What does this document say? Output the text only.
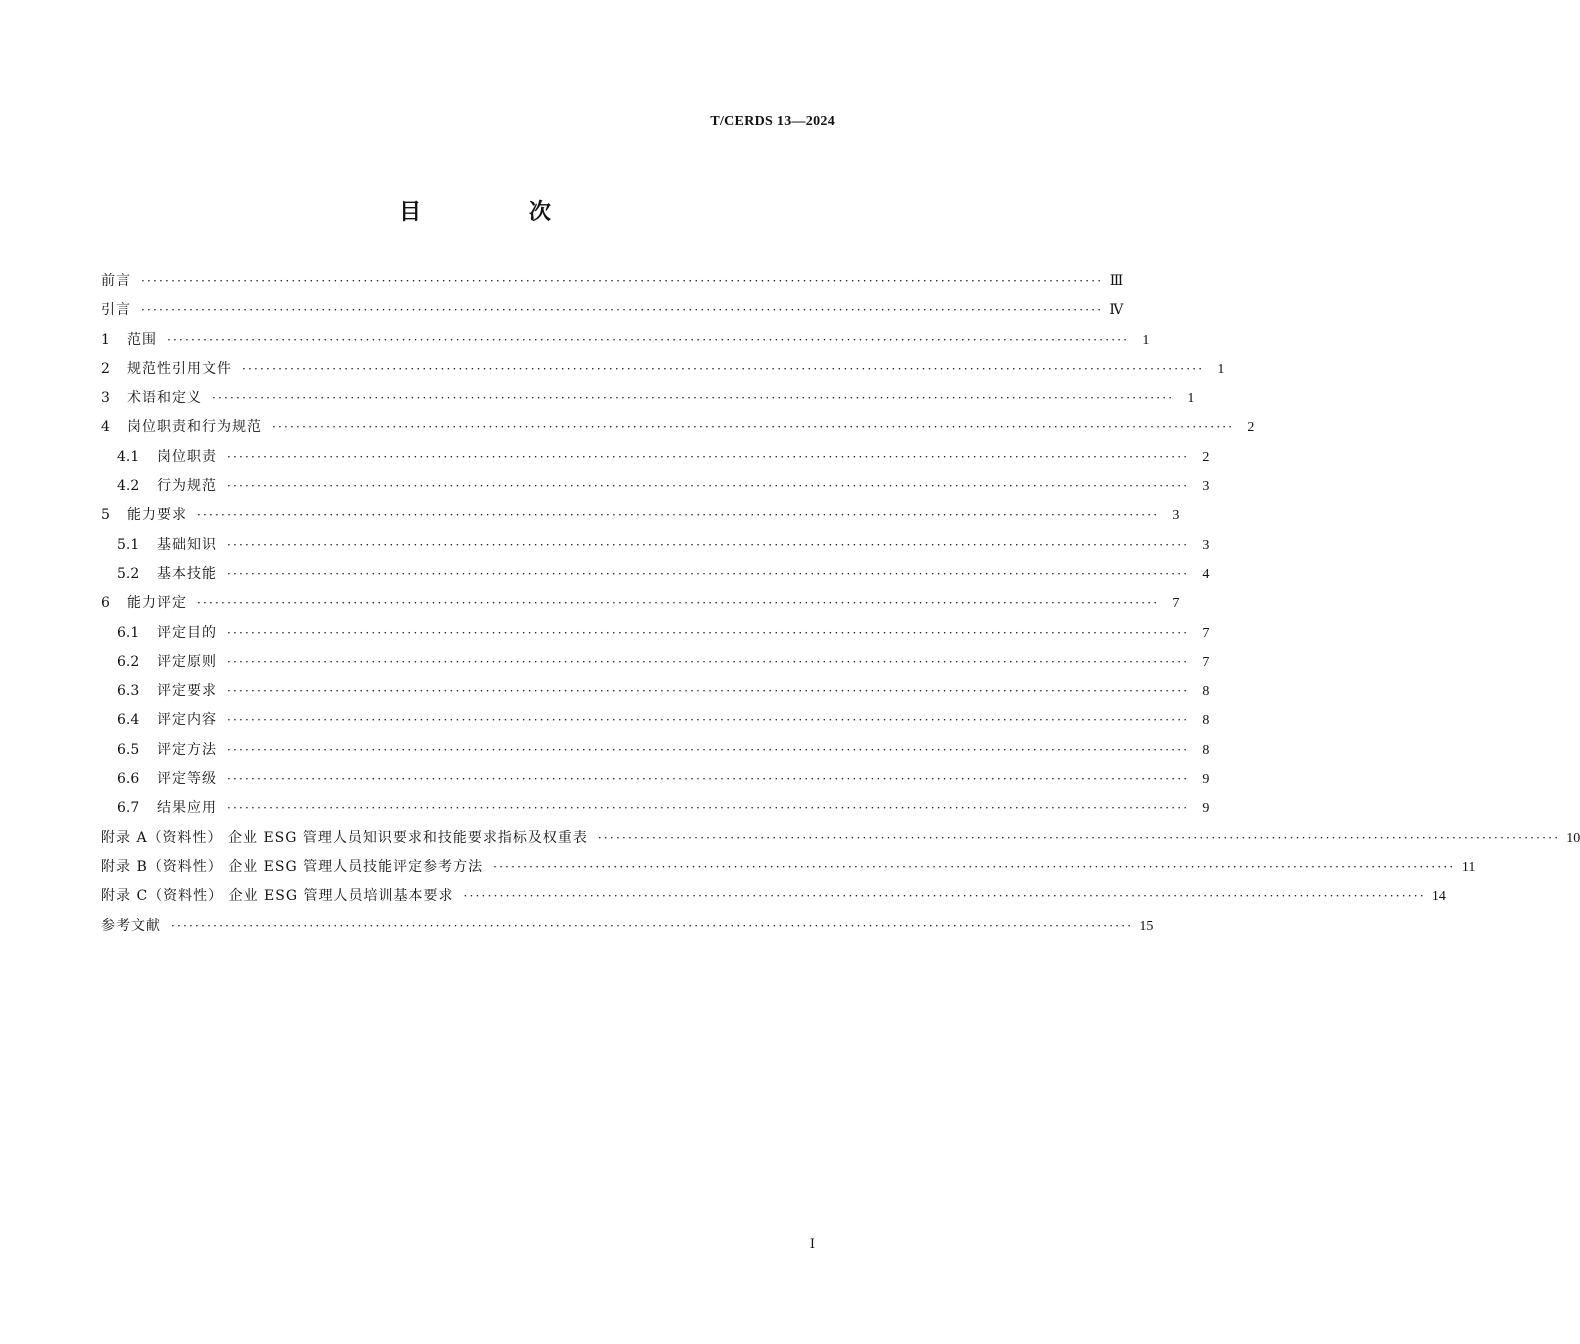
T/CERDS 13—2024
目 次
前言 ································································································································································ Ⅲ
引言 ································································································································································ Ⅳ
1	范围 ································································································································································ 1
2	规范性引用文件 ································································································································································ 1
3	术语和定义 ································································································································································ 1
4	岗位职责和行为规范 ································································································································································ 2
4.1	岗位职责 ································································································································································ 2
4.2	行为规范 ································································································································································ 3
5	能力要求 ································································································································································ 3
5.1	基础知识 ································································································································································ 3
5.2	基本技能 ································································································································································ 4
6	能力评定 ································································································································································ 7
6.1	评定目的 ································································································································································ 7
6.2	评定原则 ································································································································································ 7
6.3	评定要求 ································································································································································ 8
6.4	评定内容 ································································································································································ 8
6.5	评定方法 ································································································································································ 8
6.6	评定等级 ································································································································································ 9
6.7	结果应用 ································································································································································ 9
附录 A（资料性） 企业 ESG 管理人员知识要求和技能要求指标及权重表 ································································································································································ 10
附录 B（资料性） 企业 ESG 管理人员技能评定参考方法 ································································································································································ 11
附录 C（资料性） 企业 ESG 管理人员培训基本要求 ································································································································································ 14
参考文献 ································································································································································ 15
Ⅰ
